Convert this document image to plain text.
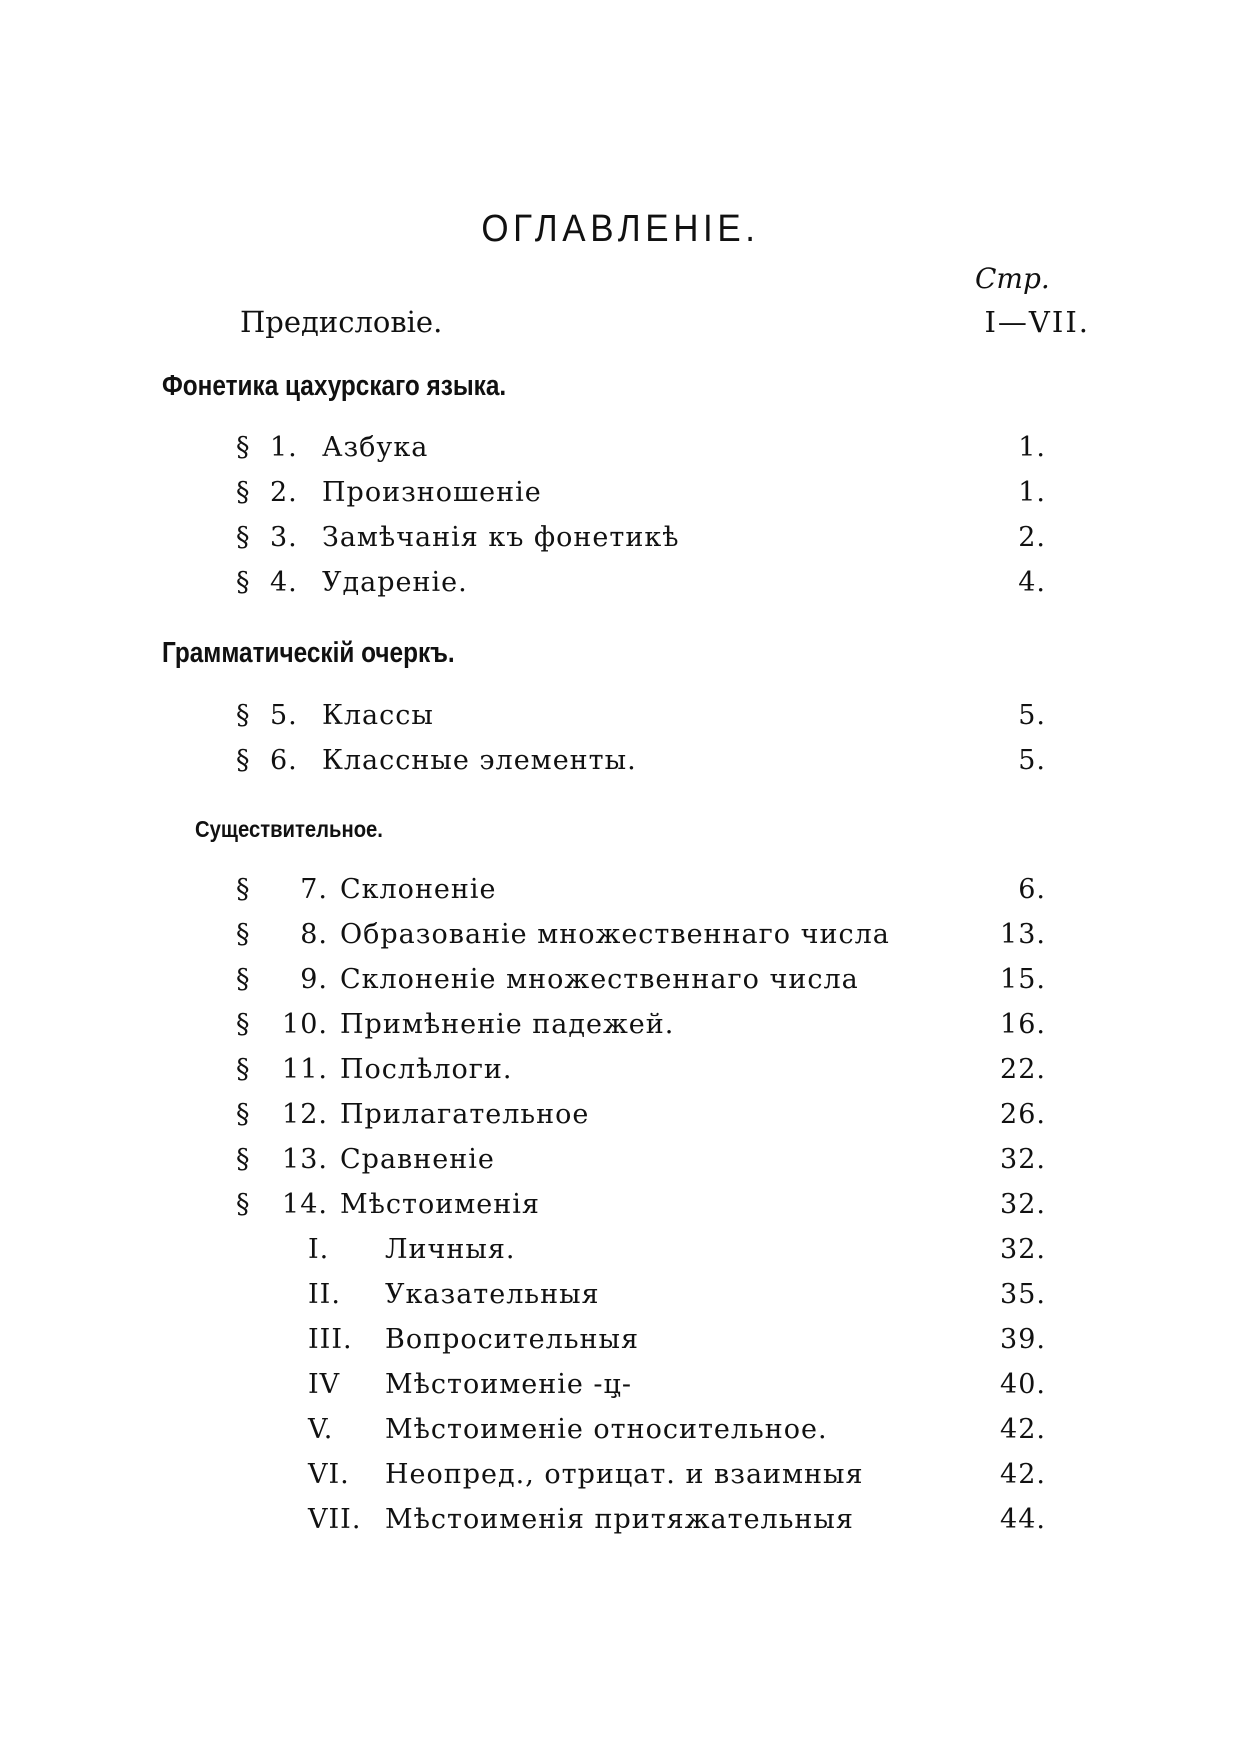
ОГЛАВЛЕНІЕ.
Стр.
Предисловіе.	I—VII.
Фонетика цахурскаго языка.
§ 1. Азбука	1.
§ 2. Произношеніе	1.
§ 3. Замѣчанія къ фонетикѣ	2.
§ 4. Удареніе.	4.
Грамматическій очеркъ.
§ 5. Классы	5.
§ 6. Классные элементы.	5.
Существительное.
§	7. Склоненіе	6.
§	8. Образованіе множественнаго числа	13.
§	9. Склоненіе множественнаго числа	15.
§	10. Примѣненіе падежей.	16.
§	11. Послѣлоги.	22.
§	12. Прилагательное	26.
§	13. Сравненіе	32.
§	14. Мѣстоименія	32.
I.	Личныя.	32.
II.	Указательныя	35.
III.	Вопросительныя	39.
IV	Мѣстоименіе -ц̧-	40.
V.	Мѣстоименіе относительное.	42.
VI.	Неопред., отрицат. и взаимныя	42.
VII. Мѣстоименія притяжательныя	44.
